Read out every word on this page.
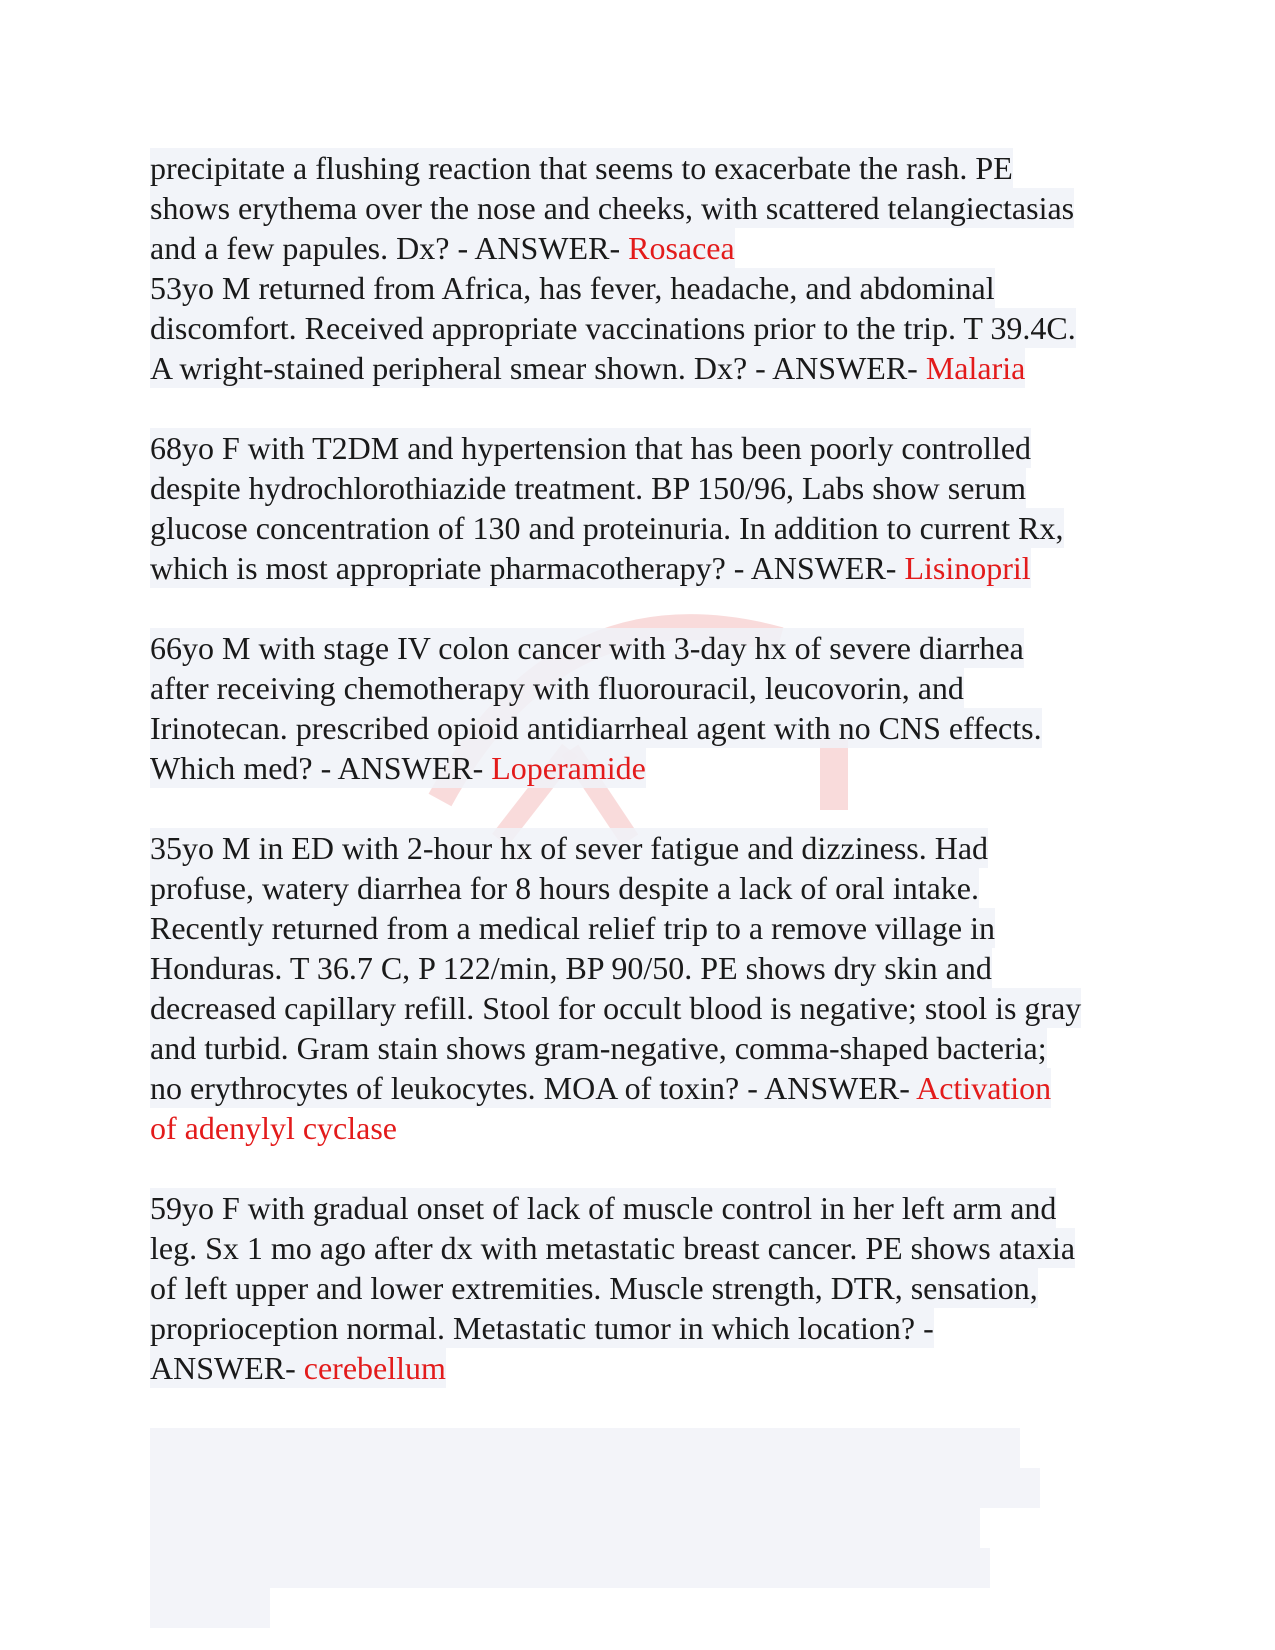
precipitate a flushing reaction that seems to exacerbate the rash. PE
shows erythema over the nose and cheeks, with scattered telangiectasias
and a few papules. Dx? - ANSWER- Rosacea
53yo M returned from Africa, has fever, headache, and abdominal
discomfort. Received appropriate vaccinations prior to the trip. T 39.4C.
A wright-stained peripheral smear shown. Dx? - ANSWER- Malaria
68yo F with T2DM and hypertension that has been poorly controlled
despite hydrochlorothiazide treatment. BP 150/96, Labs show serum
glucose concentration of 130 and proteinuria. In addition to current Rx,
which is most appropriate pharmacotherapy? - ANSWER- Lisinopril
66yo M with stage IV colon cancer with 3-day hx of severe diarrhea
after receiving chemotherapy with fluorouracil, leucovorin, and
Irinotecan. prescribed opioid antidiarrheal agent with no CNS effects.
Which med? - ANSWER- Loperamide
35yo M in ED with 2-hour hx of sever fatigue and dizziness. Had
profuse, watery diarrhea for 8 hours despite a lack of oral intake.
Recently returned from a medical relief trip to a remove village in
Honduras. T 36.7 C, P 122/min, BP 90/50. PE shows dry skin and
decreased capillary refill. Stool for occult blood is negative; stool is gray
and turbid. Gram stain shows gram-negative, comma-shaped bacteria;
no erythrocytes of leukocytes. MOA of toxin? - ANSWER- Activation
of adenylyl cyclase
59yo F with gradual onset of lack of muscle control in her left arm and
leg. Sx 1 mo ago after dx with metastatic breast cancer. PE shows ataxia
of left upper and lower extremities. Muscle strength, DTR, sensation,
proprioception normal. Metastatic tumor in which location? -
ANSWER- cerebellum
